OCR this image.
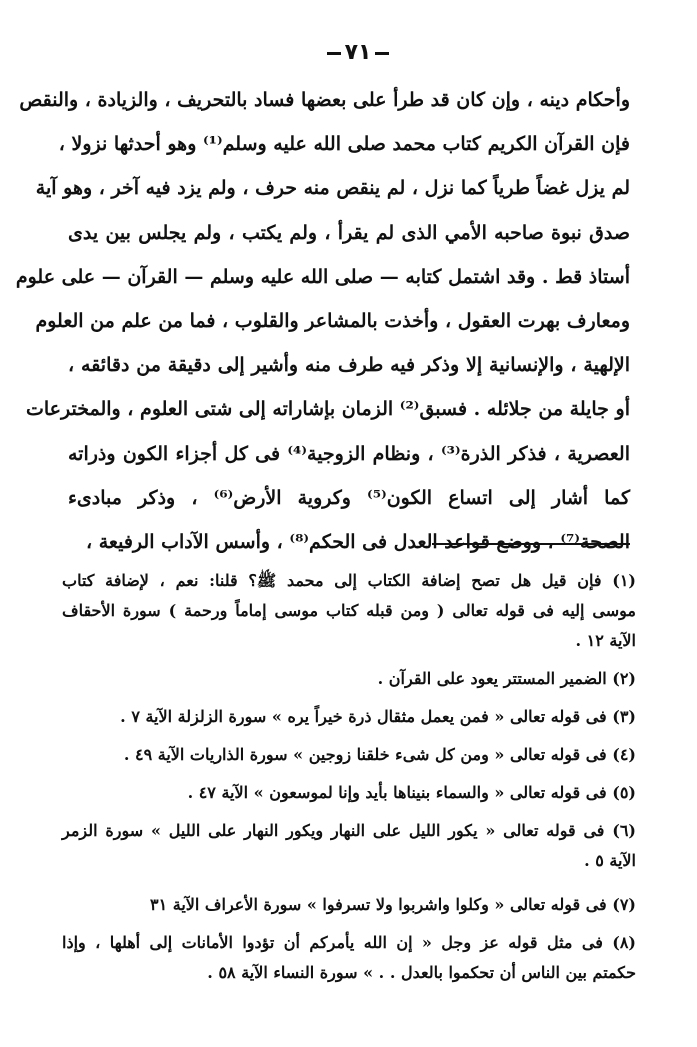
٧١
وأحكام دينه ، وإن كان قد طرأ على بعضها فساد بالتحريف ، والزيادة ، والنقص
فإن القرآن الكريم كتاب محمد صلى الله عليه وسلم⁽¹⁾ وهو أحدثها نزولا ،
لم يزل غضاً طرياً كما نزل ، لم ينقص منه حرف ، ولم يزد فيه آخر ، وهو آية
صدق نبوة صاحبه الأمي الذى لم يقرأ ، ولم يكتب ، ولم يجلس بين يدى
أستاذ قط . وقد اشتمل كتابه — صلى الله عليه وسلم — القرآن — على علوم
ومعارف بهرت العقول ، وأخذت بالمشاعر والقلوب ، فما من علم من العلوم
الإلهية ، والإنسانية إلا وذكر فيه طرف منه وأشير إلى دقيقة من دقائقه ،
أو جايلة من جلائله . فسبق⁽²⁾ الزمان بإشاراته إلى شتى العلوم ، والمخترعات
العصرية ، فذكر الذرة⁽³⁾ ، ونظام الزوجية⁽⁴⁾ فى كل أجزاء الكون وذراته
كما أشار إلى اتساع الكون⁽⁵⁾ وكروية الأرض⁽⁶⁾ ، وذكر مبادىء
الصحة⁽⁷⁾ ، ووضع قواعد العدل فى الحكم⁽⁸⁾ ، وأسس الآداب الرفيعة ،
(١) فإن قيل هل تصح إضافة الكتاب إلى محمد ﷺ؟ قلنا: نعم ، لإضافة كتاب
موسى إليه فى قوله تعالى ( ومن قبله كتاب موسى إماماً ورحمة ) سورة الأحقاف
الآية ١٢ .
(٢) الضمير المستتر يعود على القرآن .
(٣) فى قوله تعالى « فمن يعمل مثقال ذرة خيراً يره » سورة الزلزلة الآية ٧ .
(٤) فى قوله تعالى « ومن كل شىء خلقنا زوجين » سورة الذاريات الآية ٤٩ .
(٥) فى قوله تعالى « والسماء بنيناها بأيد وإنا لموسعون » الآية ٤٧ .
(٦) فى قوله تعالى « يكور الليل على النهار ويكور النهار على الليل » سورة الزمر
الآية ٥ .
(٧) فى قوله تعالى « وكلوا واشربوا ولا تسرفوا » سورة الأعراف الآية ٣١
(٨) فى مثل قوله عز وجل « إن الله يأمركم أن تؤدوا الأمانات إلى أهلها ، وإذا
حكمتم بين الناس أن تحكموا بالعدل . . » سورة النساء الآية ٥٨ .
